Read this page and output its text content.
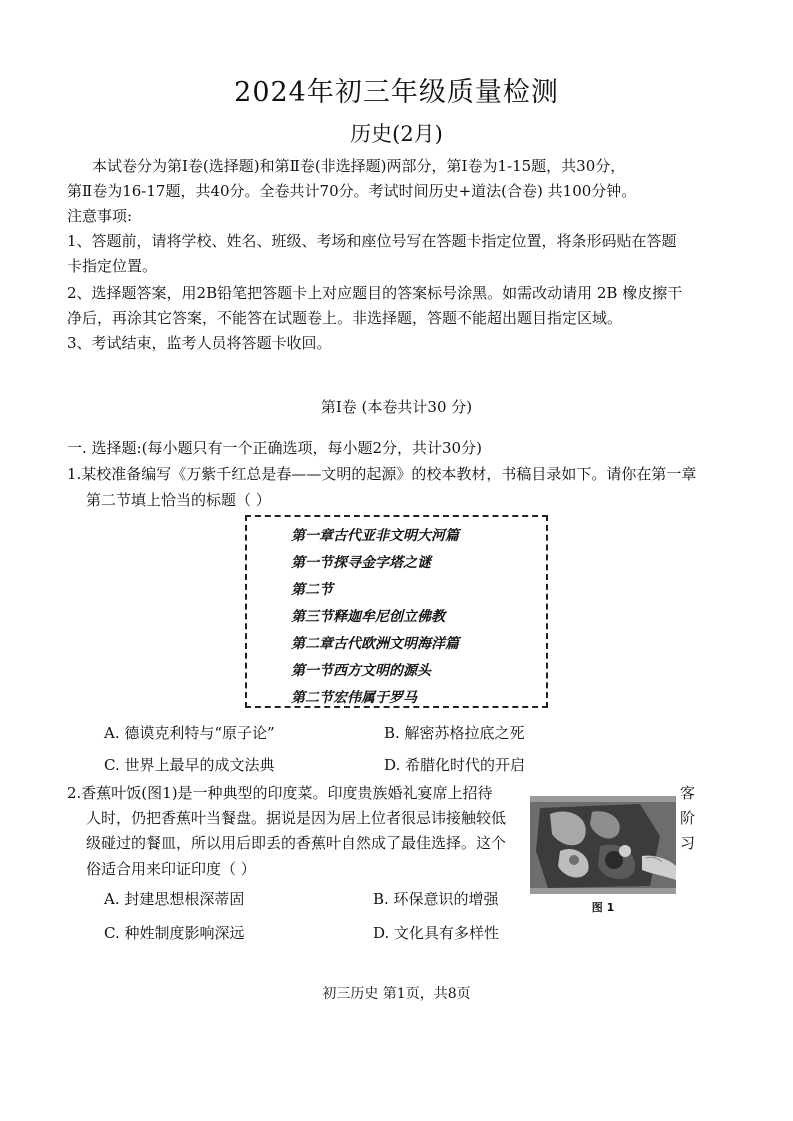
2024年初三年级质量检测
历史(2月)
本试卷分为第Ⅰ卷(选择题)和第Ⅱ卷(非选择题)两部分，第Ⅰ卷为1-15题，共30分，
第Ⅱ卷为16-17题，共40分。全卷共计70分。考试时间历史+道法(合卷) 共100分钟。
注意事项:
1、答题前，请将学校、姓名、班级、考场和座位号写在答题卡指定位置，将条形码贴在答题
卡指定位置。
2、选择题答案，用2B铅笔把答题卡上对应题目的答案标号涂黑。如需改动请用 2B 橡皮擦干
净后，再涂其它答案，不能答在试题卷上。非选择题，答题不能超出题目指定区域。
3、考试结束，监考人员将答题卡收回。
第Ⅰ卷 (本卷共计30 分)
一. 选择题:(每小题只有一个正确选项，每小题2分，共计30分)
1.某校准备编写《万紫千红总是春——文明的起源》的校本教材，书稿目录如下。请你在第一章
第二节填上恰当的标题（ ）
第一章古代亚非文明大河篇
第一节探寻金字塔之谜
第二节
第三节释迦牟尼创立佛教
第二章古代欧洲文明海洋篇
第一节西方文明的源头
第二节宏伟属于罗马
A. 德谟克利特与“原子论”	B. 解密苏格拉底之死
C. 世界上最早的成文法典	D. 希腊化时代的开启
2.香蕉叶饭(图1)是一种典型的印度菜。印度贵族婚礼宴席上招待	客
人时，仍把香蕉叶当餐盘。据说是因为居上位者很忌讳接触较低	阶
级碰过的餐皿，所以用后即丢的香蕉叶自然成了最佳选择。这个	习
俗适合用来印证印度（ ）
图 1
A. 封建思想根深蒂固	B. 环保意识的增强
C. 种姓制度影响深远	D. 文化具有多样性
初三历史 第1页，共8页
